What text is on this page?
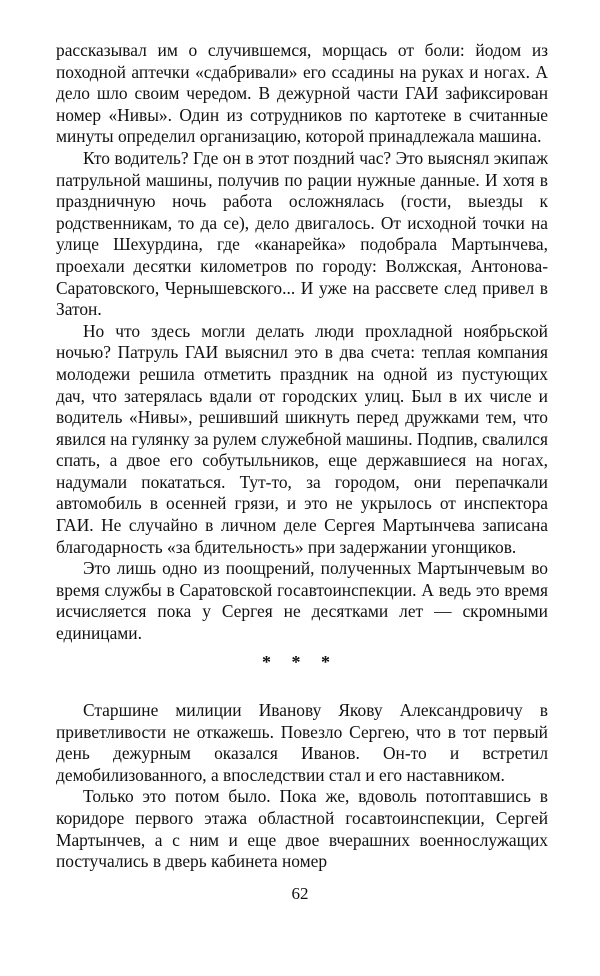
рассказывал им о случившемся, морщась от боли: йодом из походной аптечки «сдабривали» его ссадины на руках и ногах. А дело шло своим чередом. В дежурной части ГАИ зафиксирован номер «Нивы». Один из сотрудников по картотеке в считанные минуты определил организацию, которой принадлежала машина.

Кто водитель? Где он в этот поздний час? Это выяснял экипаж патрульной машины, получив по рации нужные данные. И хотя в праздничную ночь работа осложнялась (гости, выезды к родственникам, то да се), дело двигалось. От исходной точки на улице Шехурдина, где «канарейка» подобрала Мартынчева, проехали десятки километров по городу: Волжская, Антонова-Саратовского, Чернышевского... И уже на рассвете след привел в Затон.

Но что здесь могли делать люди прохладной ноябрьской ночью? Патруль ГАИ выяснил это в два счета: теплая компания молодежи решила отметить праздник на одной из пустующих дач, что затерялась вдали от городских улиц. Был в их числе и водитель «Нивы», решивший шикнуть перед дружками тем, что явился на гулянку за рулем служебной машины. Подпив, свалился спать, а двое его собутыльников, еще державшиеся на ногах, надумали покататься. Тут-то, за городом, они перепачкали автомобиль в осенней грязи, и это не укрылось от инспектора ГАИ. Не случайно в личном деле Сергея Мартынчева записана благодарность «за бдительность» при задержании угонщиков.

Это лишь одно из поощрений, полученных Мартынчевым во время службы в Саратовской госавтоинспекции. А ведь это время исчисляется пока у Сергея не десятками лет — скромными единицами.

* * *

Старшине милиции Иванову Якову Александровичу в приветливости не откажешь. Повезло Сергею, что в тот первый день дежурным оказался Иванов. Он-то и встретил демобилизованного, а впоследствии стал и его наставником.

Только это потом было. Пока же, вдоволь потоптавшись в коридоре первого этажа областной госавтоинспекции, Сергей Мартынчев, а с ним и еще двое вчерашних военнослужащих постучались в дверь кабинета номер

62
